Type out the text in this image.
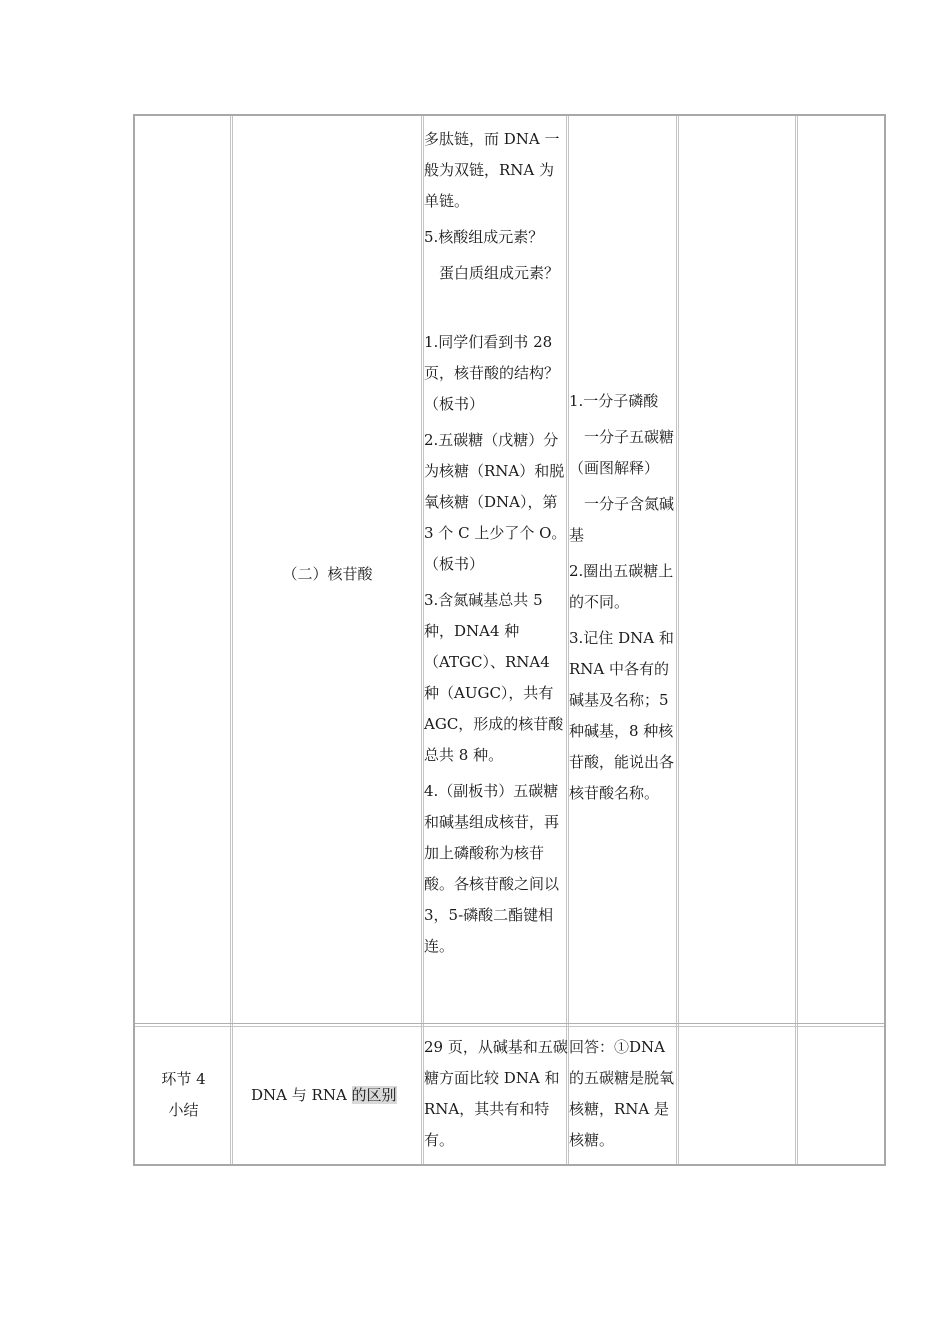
（二）核苷酸

多肽链，而 DNA 一般为双链，RNA 为单链。

5.核酸组成元素？

　蛋白质组成元素？

1.同学们看到书 28 页，核苷酸的结构？（板书）

2.五碳糖（戊糖）分为核糖（RNA）和脱氧核糖（DNA），第 3 个 C 上少了个 O。（板书）

3.含氮碱基总共 5 种，DNA4 种（ATGC）、RNA4 种（AUGC），共有 AGC，形成的核苷酸总共 8 种。

4.（副板书）五碳糖和碱基组成核苷，再加上磷酸称为核苷酸。各核苷酸之间以 3，5-磷酸二酯键相连。

1.一分子磷酸

　一分子五碳糖（画图解释）

　一分子含氮碱基

2.圈出五碳糖上的不同。

3.记住 DNA 和 RNA 中各有的碱基及名称；5 种碱基，8 种核苷酸，能说出各核苷酸名称。

环节 4

小结

DNA 与 RNA 的区别

29 页，从碱基和五碳糖方面比较 DNA 和 RNA，其共有和特有。

回答：①DNA 的五碳糖是脱氧核糖，RNA 是核糖。
